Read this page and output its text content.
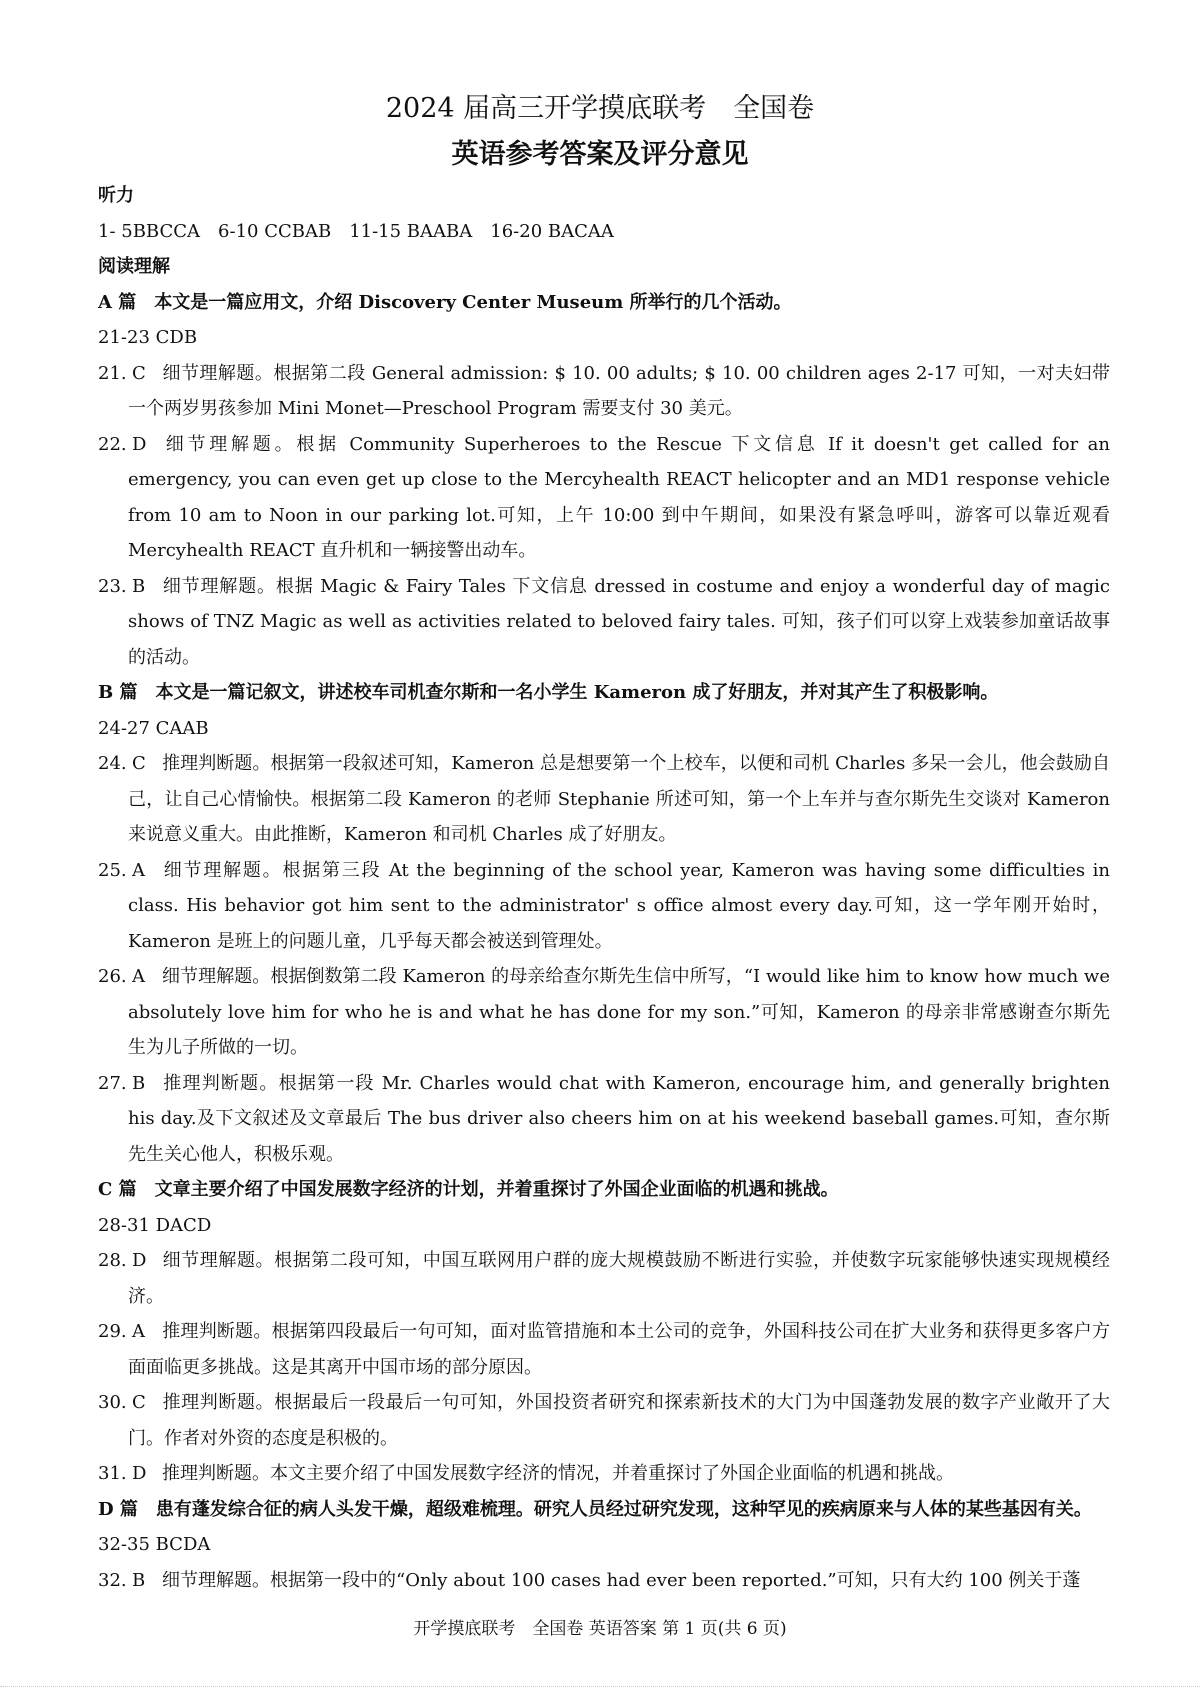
2024 届高三开学摸底联考　全国卷
英语参考答案及评分意见
听力
1- 5BBCCA　6-10 CCBAB　11-15 BAABA　16-20 BACAA
阅读理解
A 篇　本文是一篇应用文，介绍 Discovery Center Museum 所举行的几个活动。
21-23 CDB
21. C 细节理解题。根据第二段 General admission: $ 10. 00 adults; $ 10. 00 children ages 2-17 可知，一对夫妇带一个两岁男孩参加 Mini Monet—Preschool Program 需要支付 30 美元。
22. D 细节理解题。根据 Community Superheroes to the Rescue 下文信息 If it doesn't get called for an emergency, you can even get up close to the Mercyhealth REACT helicopter and an MD1 response vehicle from 10 am to Noon in our parking lot.可知，上午 10:00 到中午期间，如果没有紧急呼叫，游客可以靠近观看 Mercyhealth REACT 直升机和一辆接警出动车。
23. B 细节理解题。根据 Magic & Fairy Tales 下文信息 dressed in costume and enjoy a wonderful day of magic shows of TNZ Magic as well as activities related to beloved fairy tales. 可知，孩子们可以穿上戏装参加童话故事的活动。
B 篇　本文是一篇记叙文，讲述校车司机查尔斯和一名小学生 Kameron 成了好朋友，并对其产生了积极影响。
24-27 CAAB
24. C 推理判断题。根据第一段叙述可知，Kameron 总是想要第一个上校车，以便和司机 Charles 多呆一会儿，他会鼓励自己，让自己心情愉快。根据第二段 Kameron 的老师 Stephanie 所述可知，第一个上车并与查尔斯先生交谈对 Kameron 来说意义重大。由此推断，Kameron 和司机 Charles 成了好朋友。
25. A 细节理解题。根据第三段 At the beginning of the school year, Kameron was having some difficulties in class. His behavior got him sent to the administrator' s office almost every day.可知，这一学年刚开始时，Kameron 是班上的问题儿童，几乎每天都会被送到管理处。
26. A 细节理解题。根据倒数第二段 Kameron 的母亲给查尔斯先生信中所写，“I would like him to know how much we absolutely love him for who he is and what he has done for my son.”可知，Kameron 的母亲非常感谢查尔斯先生为儿子所做的一切。
27. B 推理判断题。根据第一段 Mr. Charles would chat with Kameron, encourage him, and generally brighten his day.及下文叙述及文章最后 The bus driver also cheers him on at his weekend baseball games.可知，查尔斯先生关心他人，积极乐观。
C 篇　文章主要介绍了中国发展数字经济的计划，并着重探讨了外国企业面临的机遇和挑战。
28-31 DACD
28. D 细节理解题。根据第二段可知，中国互联网用户群的庞大规模鼓励不断进行实验，并使数字玩家能够快速实现规模经济。
29. A 推理判断题。根据第四段最后一句可知，面对监管措施和本土公司的竞争，外国科技公司在扩大业务和获得更多客户方面面临更多挑战。这是其离开中国市场的部分原因。
30. C 推理判断题。根据最后一段最后一句可知，外国投资者研究和探索新技术的大门为中国蓬勃发展的数字产业敞开了大门。作者对外资的态度是积极的。
31. D 推理判断题。本文主要介绍了中国发展数字经济的情况，并着重探讨了外国企业面临的机遇和挑战。
D 篇　患有蓬发综合征的病人头发干燥，超级难梳理。研究人员经过研究发现，这种罕见的疾病原来与人体的某些基因有关。
32-35 BCDA
32. B 细节理解题。根据第一段中的“Only about 100 cases had ever been reported.”可知，只有大约 100 例关于蓬
开学摸底联考　全国卷 英语答案 第 1 页(共 6 页)
